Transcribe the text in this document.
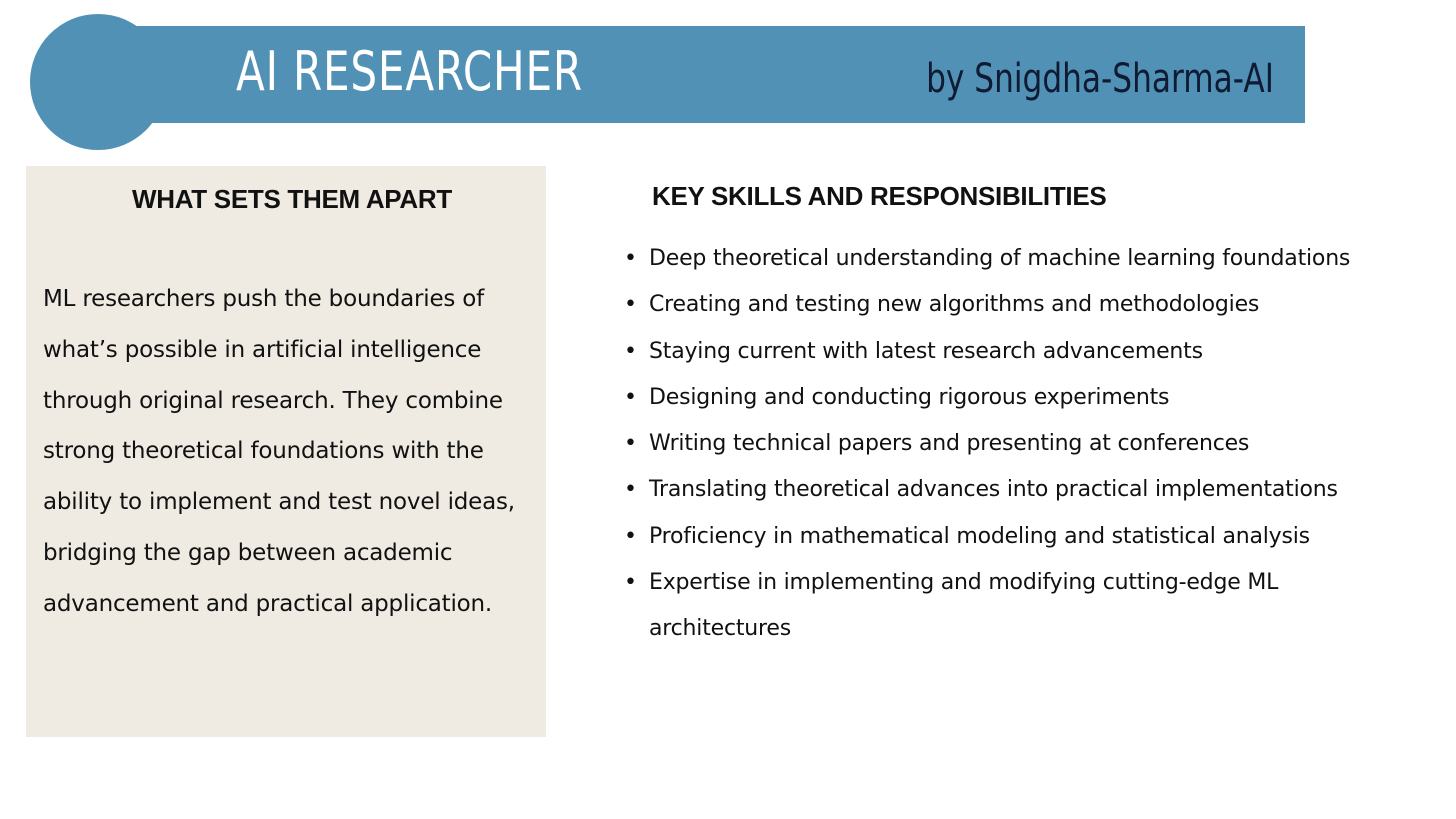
AI RESEARCHER	by Snigdha-Sharma-AI
WHAT SETS THEM APART
ML researchers push the boundaries of what’s possible in artificial intelligence through original research. They combine strong theoretical foundations with the ability to implement and test novel ideas, bridging the gap between academic advancement and practical application.
KEY SKILLS AND RESPONSIBILITIES
• Deep theoretical understanding of machine learning foundations
• Creating and testing new algorithms and methodologies
• Staying current with latest research advancements
• Designing and conducting rigorous experiments
• Writing technical papers and presenting at conferences
• Translating theoretical advances into practical implementations
• Proficiency in mathematical modeling and statistical analysis
• Expertise in implementing and modifying cutting-edge ML architectures
